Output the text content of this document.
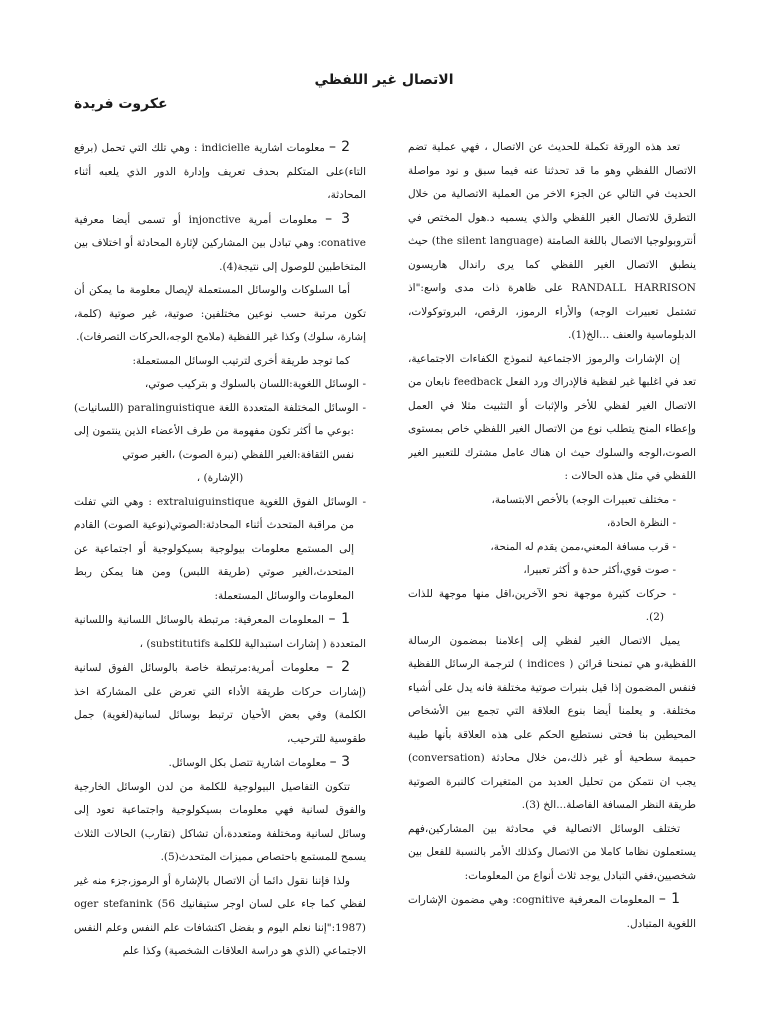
الاتصال غير اللفظي
عكروت فريدة

تعد هذه الورقة تكملة للحديث عن الاتصال ، فهي عملية تضم الاتصال اللفظي وهو ما قد تحدثنا عنه فيما سبق و نود مواصلة الحديث في التالي عن الجزء الاخر من العملية الاتصالية من خلال التطرق للاتصال الغير اللفظي والذي يسميه د.هول المختص في أنتروبولوجيا الاتصال باللغة الصامتة (the silent language) حيث ينطبق الاتصال الغير اللفظي كما يرى راندال هاريسون RANDALL HARRISON على ظاهرة ذات مدى واسع:"اذ تشتمل تعبيرات الوجه) والأراء الرموز، الرقص، البروتوكولات، الدبلوماسية والعنف ...الخ(1).

إن الإشارات والرموز الاجتماعية لنموذج الكفاءات الاجتماعية، تعد في اغلبها غير لفظية فالإدراك ورد الفعل feedback نابعان من الاتصال الغير لفظي للأخر والإثبات أو التثبيت مثلا في العمل وإعطاء المنح يتطلب نوع من الاتصال الغير اللفظي خاص بمستوى الصوت،الوجه والسلوك حيث ان هناك عامل مشترك للتعبير الغير اللفظي في مثل هذه الحالات :

- مختلف تعبيرات الوجه) بالأخص الابتسامة،

- النظرة الحادة،

- قرب مسافة المعني،ممن يقدم له المنحة،

- صوت قوي،أكثر حدة و أكثر تعبيرا،

- حركات كثيرة موجهة نحو الآخرين،اقل منها موجهة للذات (2).

يميل الاتصال الغير لفظي إلى إعلامنا بمضمون الرسالة اللفظية،و هي تمنحنا قرائن ( indices ) لترجمة الرسائل اللفظية فنفس المضمون إذا قيل بنبرات صوتية مختلفة فانه يدل على أشياء مختلفة. و يعلمنا أيضا بنوع العلاقة التي تجمع بين الأشخاص المحيطين بنا فحتى نستطيع الحكم على هذه العلاقة بأنها طيبة حميمة سطحية أو غير ذلك،من خلال محادثة (conversation) يجب ان نتمكن من تحليل العديد من المتغيرات كالنبرة الصوتية طريقة النظر المسافة الفاصلة...الخ (3).

تختلف الوسائل الاتصالية في محادثة بين المشاركين،فهم يستعملون نظاما كاملا من الاتصال وكذلك الأمر بالنسبة للفعل بين شخصيين،ففي التبادل يوجد ثلاث أنواع من المعلومات:

1 – المعلومات المعرفية cognitive: وهي مضمون الإشارات اللغوية المتبادل.

2 – معلومات اشارية indicielle : وهي تلك التي تحمل (برفع التاء)على المتكلم بحدف تعريف وإدارة الدور الذي يلعبه أثناء المحادثة،

3 – معلومات أمرية injonctive أو تسمى أيضا معرفية conative: وهي تبادل بين المشاركين لإثارة المحادثة أو اختلاف بين المتخاطبين للوصول إلى نتيجة(4).

أما السلوكات والوسائل المستعملة لإيصال معلومة ما يمكن أن تكون مرتبة حسب نوعين مختلفين: صوتية، غير صوتية (كلمة، إشارة، سلوك) وكذا غير اللفظية (ملامح الوجه،الحركات التصرفات).

كما توجد طريقة أخرى لترتيب الوسائل المستعملة:

- الوسائل اللغوية:اللسان بالسلوك و بتركيب صوتي،

- الوسائل المختلفة المتعددة اللغة paralinguistique (اللسانيات) :بوعي ما أكثر تكون مفهومة من طرف الأعضاء الذين ينتمون إلى نفس الثقافة:الغير اللفظي (نبرة الصوت) ،الغير صوتي

(الإشارة) ،

- الوسائل الفوق اللغوية extraluiguinstique : وهي التي تفلت من مراقبة المتحدث أثناء المحادثة:الصوتي(نوعية الصوت) القادم إلى المستمع معلومات بيولوجية بسيكولوجية أو اجتماعية عن المتحدث،الغير صوتي (طريقة اللبس) ومن هنا يمكن ربط المعلومات والوسائل المستعملة:

1 – المعلومات المعرفية: مرتبطة بالوسائل اللسانية واللسانية المتعددة ( إشارات استبدالية للكلمة substitutifs) ،

2 – معلومات أمرية:مرتبطة خاصة بالوسائل الفوق لسانية (إشارات حركات طريقة الأداء التي تعرض على المشاركة اخذ الكلمة) وفي بعض الأحيان ترتبط بوسائل لسانية(لغوية) جمل طقوسية للترحيب،

3 – معلومات اشارية تتصل بكل الوسائل.

تتكون التفاصيل البيولوجية للكلمة من لدن الوسائل الخارجية والفوق لسانية فهي معلومات بسيكولوجية واجتماعية تعود إلى وسائل لسانية ومختلفة ومتعددة،أن تشاكل (تقارب) الحالات الثلاث يسمح للمستمع باحتصاص مميزات المتحدث(5).

ولذا فإننا نقول دائما أن الاتصال بالإشارة أو الرموز،جزء منه غير لفظي كما جاء على لسان اوجر ستيفانيك oger stefanink (56 1987):"إننا نعلم اليوم و بفضل اكتشافات علم النفس وعلم النفس الاجتماعي (الذي هو دراسة العلاقات الشخصية) وكذا علم
